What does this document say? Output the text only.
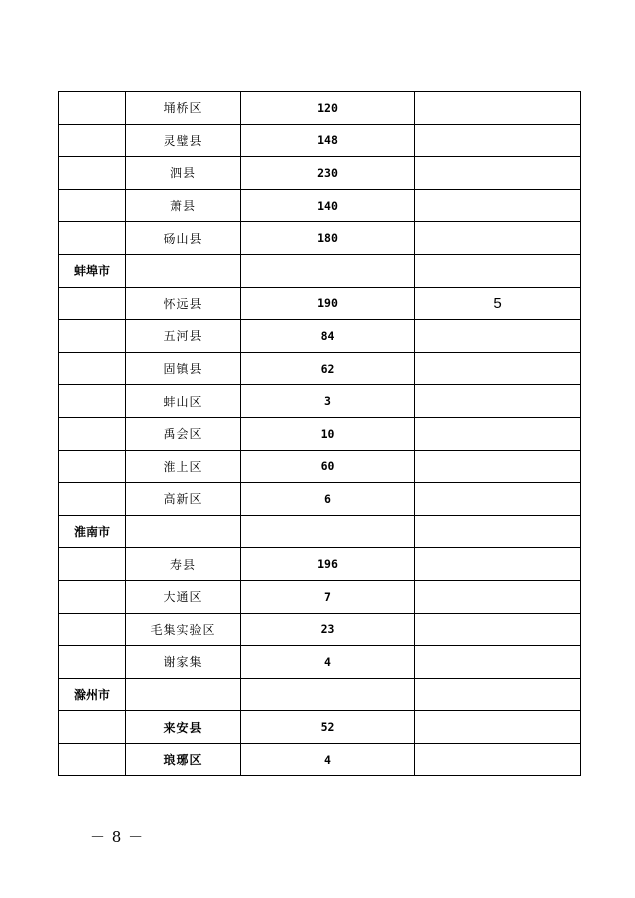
	埇桥区	120	
	灵璧县	148	
	泗县	230	
	萧县	140	
	砀山县	180	
蚌埠市			
	怀远县	190	5
	五河县	84	
	固镇县	62	
	蚌山区	3	
	禹会区	10	
	淮上区	60	
	高新区	6	
淮南市			
	寿县	196	
	大通区	7	
	毛集实验区	23	
	谢家集	4	
滁州市			
	来安县	52	
	琅琊区	4	
－ 8 －
